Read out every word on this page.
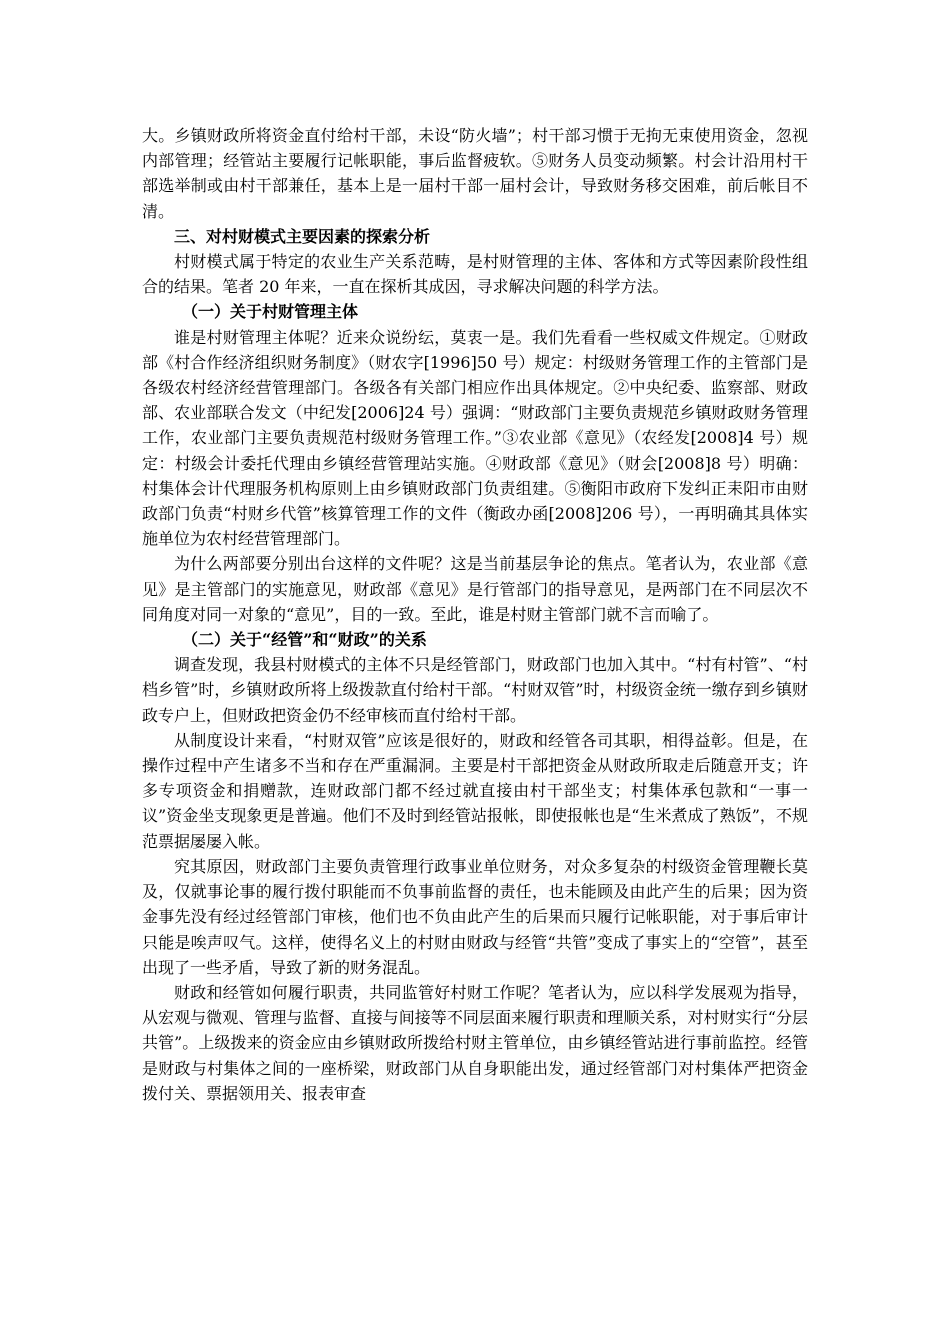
大。乡镇财政所将资金直付给村干部，未设“防火墙”；村干部习惯于无拘无束使用资金，忽视内部管理；经管站主要履行记帐职能，事后监督疲软。⑤财务人员变动频繁。村会计沿用村干部选举制或由村干部兼任，基本上是一届村干部一届村会计，导致财务移交困难，前后帐目不清。

三、对村财模式主要因素的探索分析

村财模式属于特定的农业生产关系范畴，是村财管理的主体、客体和方式等因素阶段性组合的结果。笔者 20 年来，一直在探析其成因，寻求解决问题的科学方法。

（一）关于村财管理主体

谁是村财管理主体呢？近来众说纷纭，莫衷一是。我们先看看一些权威文件规定。①财政部《村合作经济组织财务制度》（财农字[1996]50 号）规定：村级财务管理工作的主管部门是各级农村经济经营管理部门。各级各有关部门相应作出具体规定。②中央纪委、监察部、财政部、农业部联合发文（中纪发[2006]24 号）强调：“财政部门主要负责规范乡镇财政财务管理工作，农业部门主要负责规范村级财务管理工作。”③农业部《意见》（农经发[2008]4 号）规定：村级会计委托代理由乡镇经营管理站实施。④财政部《意见》（财会[2008]8 号）明确：村集体会计代理服务机构原则上由乡镇财政部门负责组建。⑤衡阳市政府下发纠正耒阳市由财政部门负责“村财乡代管”核算管理工作的文件（衡政办函[2008]206 号），一再明确其具体实施单位为农村经营管理部门。

为什么两部要分别出台这样的文件呢？这是当前基层争论的焦点。笔者认为，农业部《意见》是主管部门的实施意见，财政部《意见》是行管部门的指导意见，是两部门在不同层次不同角度对同一对象的“意见”，目的一致。至此，谁是村财主管部门就不言而喻了。

（二）关于“经管”和“财政”的关系

调查发现，我县村财模式的主体不只是经管部门，财政部门也加入其中。“村有村管”、“村档乡管”时，乡镇财政所将上级拨款直付给村干部。“村财双管”时，村级资金统一缴存到乡镇财政专户上，但财政把资金仍不经审核而直付给村干部。

从制度设计来看，“村财双管”应该是很好的，财政和经管各司其职，相得益彰。但是，在操作过程中产生诸多不当和存在严重漏洞。主要是村干部把资金从财政所取走后随意开支；许多专项资金和捐赠款，连财政部门都不经过就直接由村干部坐支；村集体承包款和“一事一议”资金坐支现象更是普遍。他们不及时到经管站报帐，即使报帐也是“生米煮成了熟饭”，不规范票据屡屡入帐。

究其原因，财政部门主要负责管理行政事业单位财务，对众多复杂的村级资金管理鞭长莫及，仅就事论事的履行拨付职能而不负事前监督的责任，也未能顾及由此产生的后果；因为资金事先没有经过经管部门审核，他们也不负由此产生的后果而只履行记帐职能，对于事后审计只能是唉声叹气。这样，使得名义上的村财由财政与经管“共管”变成了事实上的“空管”，甚至出现了一些矛盾，导致了新的财务混乱。

财政和经管如何履行职责，共同监管好村财工作呢？笔者认为，应以科学发展观为指导，从宏观与微观、管理与监督、直接与间接等不同层面来履行职责和理顺关系，对村财实行“分层共管”。上级拨来的资金应由乡镇财政所拨给村财主管单位，由乡镇经管站进行事前监控。经管是财政与村集体之间的一座桥梁，财政部门从自身职能出发，通过经管部门对村集体严把资金拨付关、票据领用关、报表审查
